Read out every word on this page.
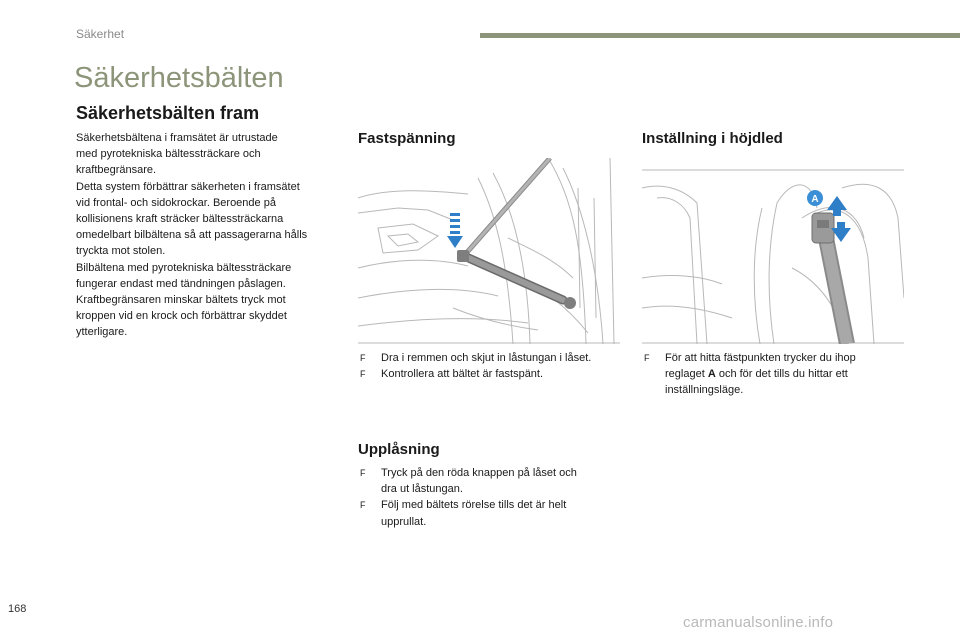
Säkerhet
Säkerhetsbälten
Säkerhetsbälten fram
Säkerhetsbältena i framsätet är utrustade
med pyrotekniska bältessträckare och
kraftbegränsare.
Detta system förbättrar säkerheten i framsätet
vid frontal- och sidokrockar. Beroende på
kollisionens kraft sträcker bältessträckarna
omedelbart bilbältena så att passagerarna hålls
tryckta mot stolen.
Bilbältena med pyrotekniska bältessträckare
fungerar endast med tändningen påslagen.
Kraftbegränsaren minskar bältets tryck mot
kroppen vid en krock och förbättrar skyddet
ytterligare.
Fastspänning
F Dra i remmen och skjut in låstungan i låset.
F Kontrollera att bältet är fastspänt.
Upplåsning
F Tryck på den röda knappen på låset och
dra ut låstungan.
F Följ med bältets rörelse tills det är helt
upprullat.
Inställning i höjdled
A
F För att hitta fästpunkten trycker du ihop
reglaget A och för det tills du hittar ett
inställningsläge.
168
carmanualsonline.info
